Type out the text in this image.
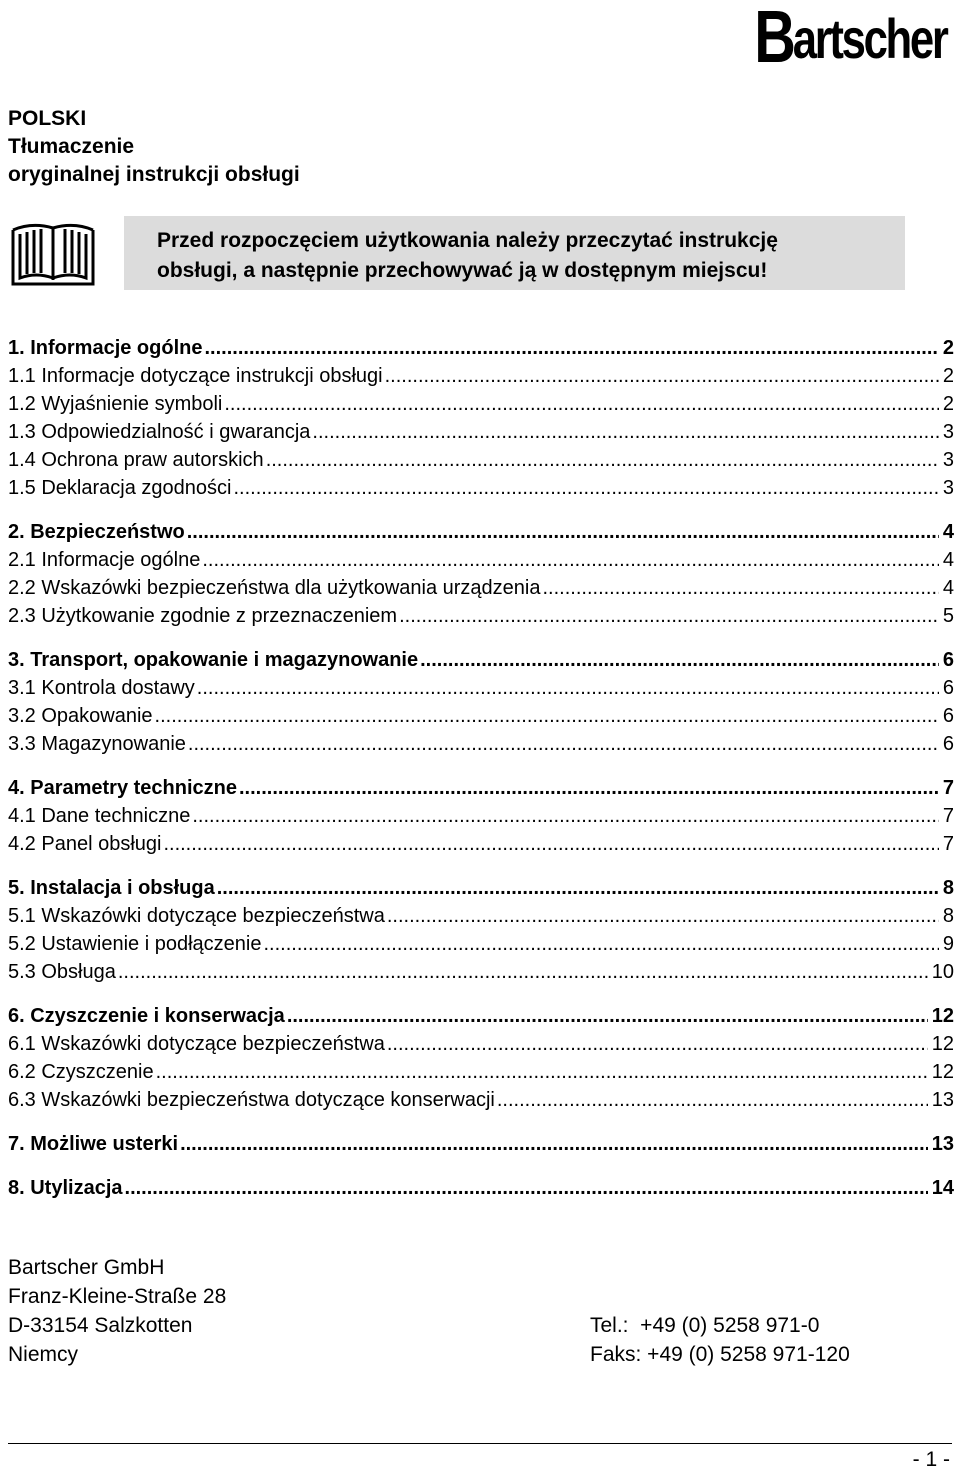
Bartscher
POLSKI
Tłumaczenie
oryginalnej instrukcji obsługi
Przed rozpoczęciem użytkowania należy przeczytać instrukcję
obsługi, a następnie przechowywać ją w dostępnym miejscu!
1. Informacje ogólne .....	2
1.1 Informacje dotyczące instrukcji obsługi .....	2
1.2 Wyjaśnienie symboli .....	2
1.3 Odpowiedzialność i gwarancja .....	3
1.4 Ochrona praw autorskich .....	3
1.5 Deklaracja zgodności .....	3
2. Bezpieczeństwo .....	4
2.1 Informacje ogólne .....	4
2.2 Wskazówki bezpieczeństwa dla użytkowania urządzenia .....	4
2.3 Użytkowanie zgodnie z przeznaczeniem .....	5
3. Transport, opakowanie i magazynowanie .....	6
3.1 Kontrola dostawy .....	6
3.2 Opakowanie .....	6
3.3 Magazynowanie .....	6
4. Parametry techniczne .....	7
4.1 Dane techniczne .....	7
4.2 Panel obsługi .....	7
5. Instalacja i obsługa .....	8
5.1 Wskazówki dotyczące bezpieczeństwa .....	8
5.2 Ustawienie i podłączenie .....	9
5.3 Obsługa .....	10
6. Czyszczenie i konserwacja .....	12
6.1 Wskazówki dotyczące bezpieczeństwa .....	12
6.2 Czyszczenie .....	12
6.3 Wskazówki bezpieczeństwa dotyczące konserwacji .....	13
7. Możliwe usterki .....	13
8. Utylizacja .....	14
Bartscher GmbH
Franz-Kleine-Straße 28
D-33154 Salzkotten	Tel.:  +49 (0) 5258 971-0
Niemcy	Faks: +49 (0) 5258 971-120
- 1 -
